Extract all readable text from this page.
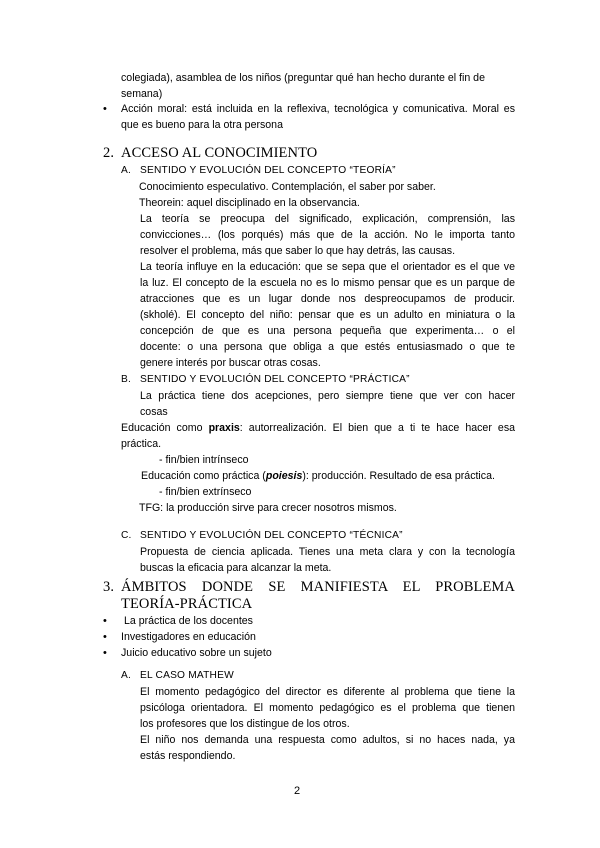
colegiada), asamblea de los niños (preguntar qué han hecho durante el fin de
semana)
• Acción moral: está incluida en la reflexiva, tecnológica y comunicativa. Moral es
que es bueno para la otra persona
2. ACCESO AL CONOCIMIENTO
A. SENTIDO Y EVOLUCIÓN DEL CONCEPTO “TEORÍA”
Conocimiento especulativo. Contemplación, el saber por saber.
Theorein: aquel disciplinado en la observancia.
La teoría se preocupa del significado, explicación, comprensión, las
convicciones… (los porqués) más que de la acción. No le importa tanto
resolver el problema, más que saber lo que hay detrás, las causas.
La teoría influye en la educación: que se sepa que el orientador es el que ve
la luz. El concepto de la escuela no es lo mismo pensar que es un parque de
atracciones que es un lugar donde nos despreocupamos de producir.
(skholé). El concepto del niño: pensar que es un adulto en miniatura o la
concepción de que es una persona pequeña que experimenta… o el
docente: o una persona que obliga a que estés entusiasmado o que te
genere interés por buscar otras cosas.
B. SENTIDO Y EVOLUCIÓN DEL CONCEPTO “PRÁCTICA”
La práctica tiene dos acepciones, pero siempre tiene que ver con hacer
cosas
Educación como praxis: autorrealización. El bien que a ti te hace hacer esa
práctica.
- fin/bien intrínseco
Educación como práctica (poiesis): producción. Resultado de esa práctica.
- fin/bien extrínseco
TFG: la producción sirve para crecer nosotros mismos.
C. SENTIDO Y EVOLUCIÓN DEL CONCEPTO “TÉCNICA”
Propuesta de ciencia aplicada. Tienes una meta clara y con la tecnología
buscas la eficacia para alcanzar la meta.
3. ÁMBITOS DONDE SE MANIFIESTA EL PROBLEMA
TEORÍA-PRÁCTICA
• La práctica de los docentes
• Investigadores en educación
• Juicio educativo sobre un sujeto
A. EL CASO MATHEW
El momento pedagógico del director es diferente al problema que tiene la
psicóloga orientadora. El momento pedagógico es el problema que tienen
los profesores que los distingue de los otros.
El niño nos demanda una respuesta como adultos, si no haces nada, ya
estás respondiendo.
2
